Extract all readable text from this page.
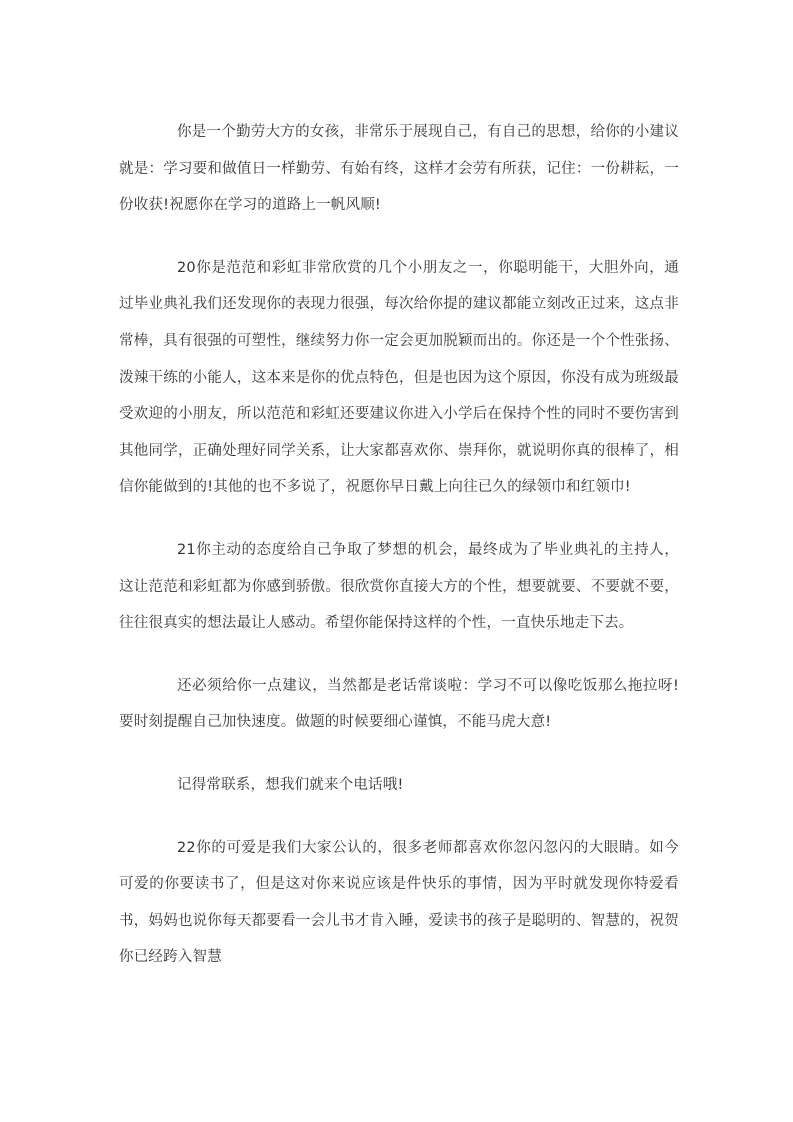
你是一个勤劳大方的女孩，非常乐于展现自己，有自己的思想，给你的小建议就是：学习要和做值日一样勤劳、有始有终，这样才会劳有所获，记住：一份耕耘，一份收获!祝愿你在学习的道路上一帆风顺!

20你是范范和彩虹非常欣赏的几个小朋友之一，你聪明能干，大胆外向，通过毕业典礼我们还发现你的表现力很强，每次给你提的建议都能立刻改正过来，这点非常棒，具有很强的可塑性，继续努力你一定会更加脱颖而出的。你还是一个个性张扬、泼辣干练的小能人，这本来是你的优点特色，但是也因为这个原因，你没有成为班级最受欢迎的小朋友，所以范范和彩虹还要建议你进入小学后在保持个性的同时不要伤害到其他同学，正确处理好同学关系，让大家都喜欢你、崇拜你，就说明你真的很棒了，相信你能做到的!其他的也不多说了，祝愿你早日戴上向往已久的绿领巾和红领巾!

21你主动的态度给自己争取了梦想的机会，最终成为了毕业典礼的主持人，这让范范和彩虹都为你感到骄傲。很欣赏你直接大方的个性，想要就要、不要就不要，往往很真实的想法最让人感动。希望你能保持这样的个性，一直快乐地走下去。

还必须给你一点建议，当然都是老话常谈啦：学习不可以像吃饭那么拖拉呀!要时刻提醒自己加快速度。做题的时候要细心谨慎，不能马虎大意!

记得常联系，想我们就来个电话哦!

22你的可爱是我们大家公认的，很多老师都喜欢你忽闪忽闪的大眼睛。如今可爱的你要读书了，但是这对你来说应该是件快乐的事情，因为平时就发现你特爱看书，妈妈也说你每天都要看一会儿书才肯入睡，爱读书的孩子是聪明的、智慧的，祝贺你已经跨入智慧
